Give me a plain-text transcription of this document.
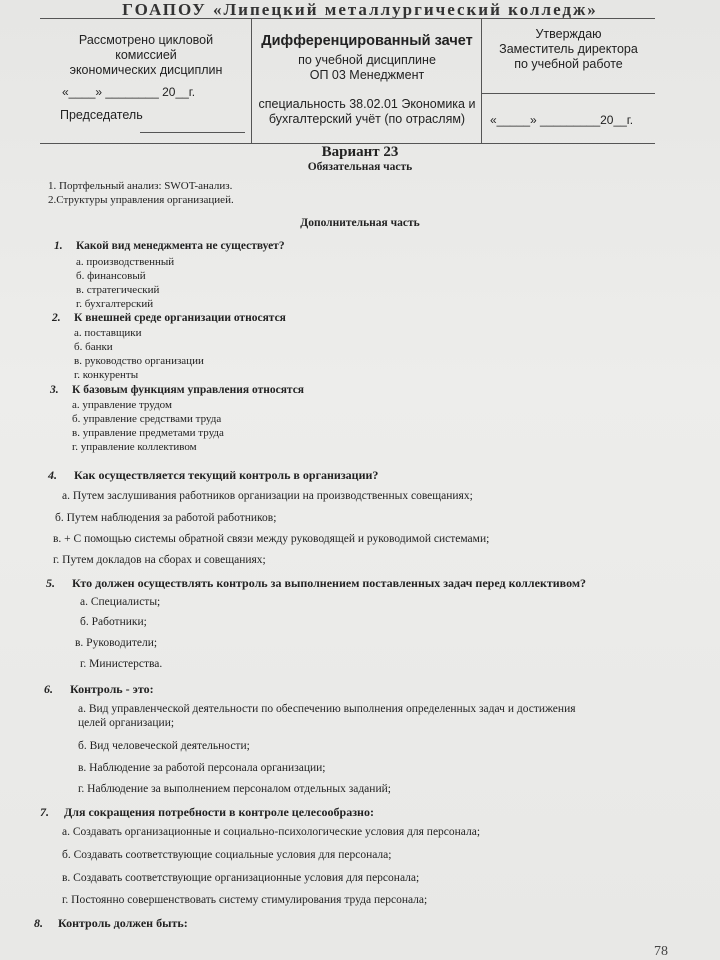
ГОАПОУ «Липецкий металлургический колледж»
Рассмотрено цикловой
комиссией
экономических дисциплин
«____» ________ 20__г.
Председатель
Дифференцированный зачет
по учебной дисциплине
ОП 03 Менеджмент
специальность 38.02.01 Экономика и
бухгалтерский учёт (по отраслям)
Утверждаю
Заместитель директора
по учебной работе
«_____» _________20__г.
Вариант 23
Обязательная часть
1. Портфельный анализ: SWOT-анализ.
2.Структуры управления организацией.
Дополнительная часть
1. Какой вид менеджмента не существует?
а. производственный
б. финансовый
в. стратегический
г. бухгалтерский
2. К внешней среде организации относятся
а. поставщики
б. банки
в. руководство организации
г. конкуренты
3. К базовым функциям управления относятся
а. управление трудом
б. управление средствами труда
в. управление предметами труда
г. управление коллективом
4. Как осуществляется текущий контроль в организации?
а. Путем заслушивания работников организации на производственных совещаниях;
б. Путем наблюдения за работой работников;
в. + С помощью системы обратной связи между руководящей и руководимой системами;
г. Путем докладов на сборах и совещаниях;
5. Кто должен осуществлять контроль за выполнением поставленных задач перед коллективом?
а. Специалисты;
б. Работники;
в. Руководители;
г. Министерства.
6. Контроль - это:
а. Вид управленческой деятельности по обеспечению выполнения определенных задач и достижения
целей организации;
б. Вид человеческой деятельности;
в. Наблюдение за работой персонала организации;
г. Наблюдение за выполнением персоналом отдельных заданий;
7. Для сокращения потребности в контроле целесообразно:
а. Создавать организационные и социально-психологические условия для персонала;
б. Создавать соответствующие социальные условия для персонала;
в. Создавать соответствующие организационные условия для персонала;
г. Постоянно совершенствовать систему стимулирования труда персонала;
8. Контроль должен быть:
78
